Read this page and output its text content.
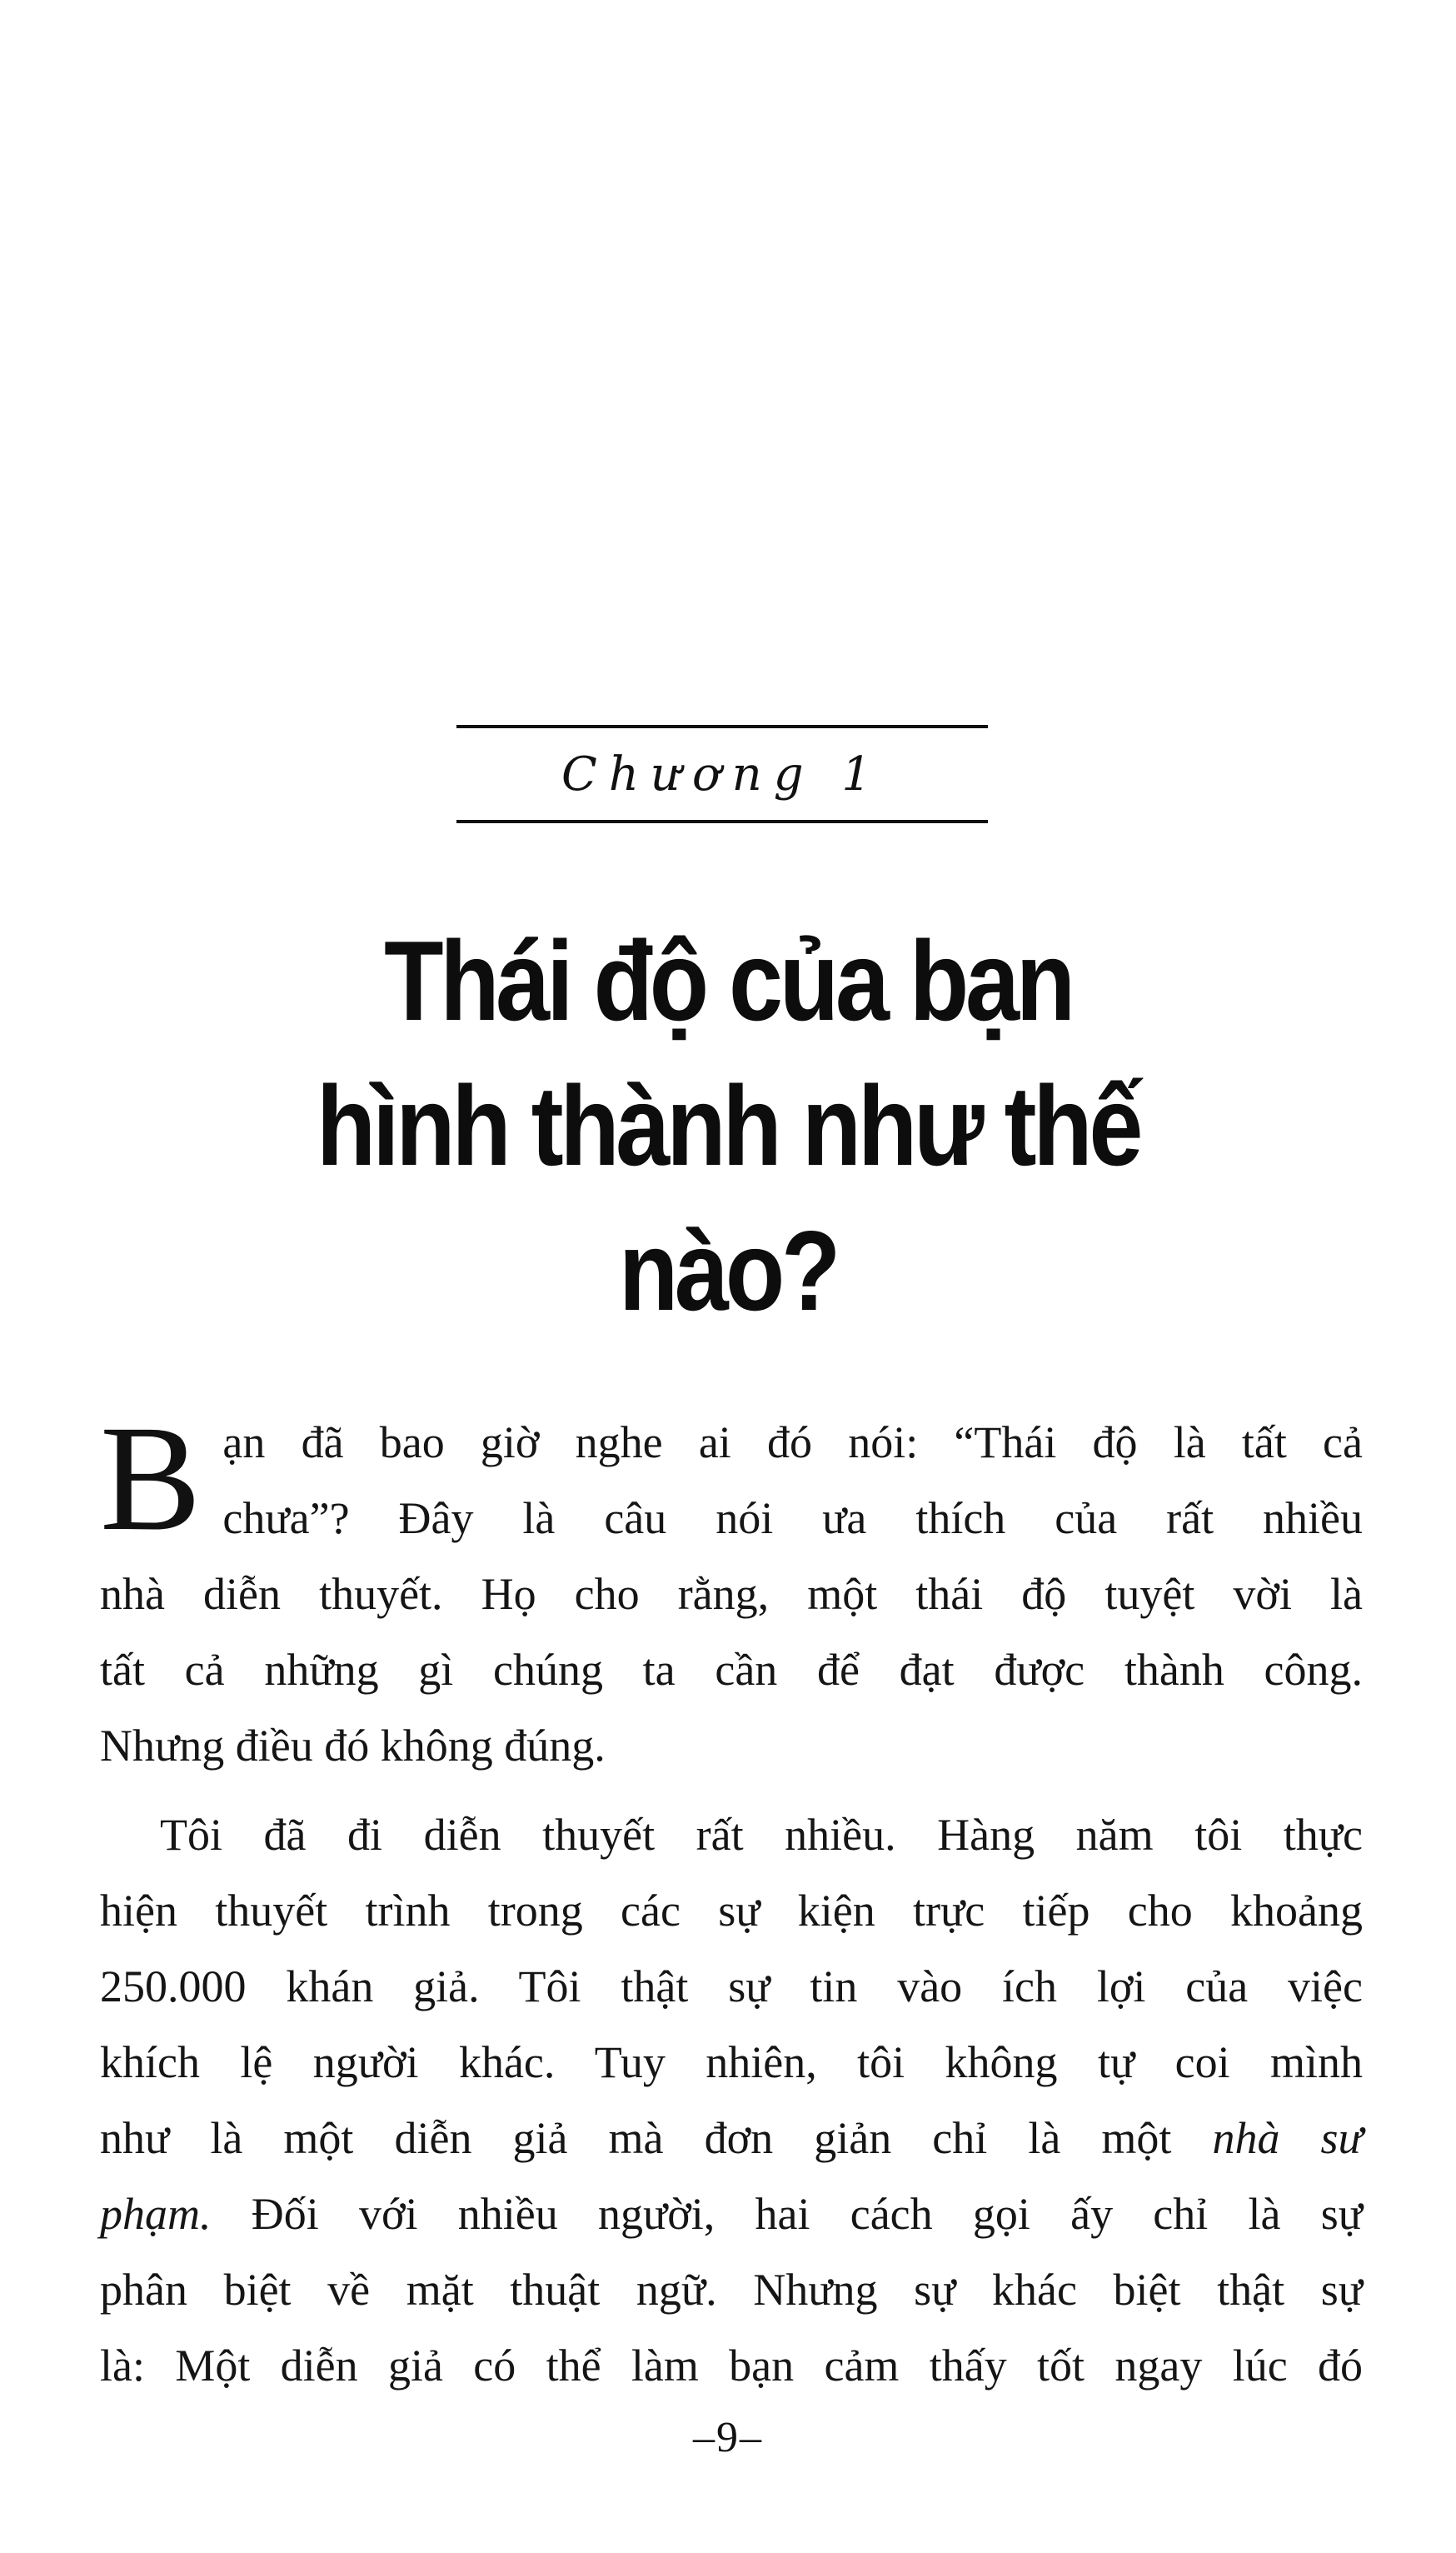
Chương 1
Thái độ của bạn
hình thành như thế nào?

B ạn đã bao giờ nghe ai đó nói: “Thái độ là tất cả
chưa”? Đây là câu nói ưa thích của rất nhiều
nhà diễn thuyết. Họ cho rằng, một thái độ tuyệt vời là
tất cả những gì chúng ta cần để đạt được thành công.
Nhưng điều đó không đúng.

Tôi đã đi diễn thuyết rất nhiều. Hàng năm tôi thực
hiện thuyết trình trong các sự kiện trực tiếp cho khoảng
250.000 khán giả. Tôi thật sự tin vào ích lợi của việc
khích lệ người khác. Tuy nhiên, tôi không tự coi mình
như là một diễn giả mà đơn giản chỉ là một nhà sư
phạm. Đối với nhiều người, hai cách gọi ấy chỉ là sự
phân biệt về mặt thuật ngữ. Nhưng sự khác biệt thật sự
là: Một diễn giả có thể làm bạn cảm thấy tốt ngay lúc đó

–9–
